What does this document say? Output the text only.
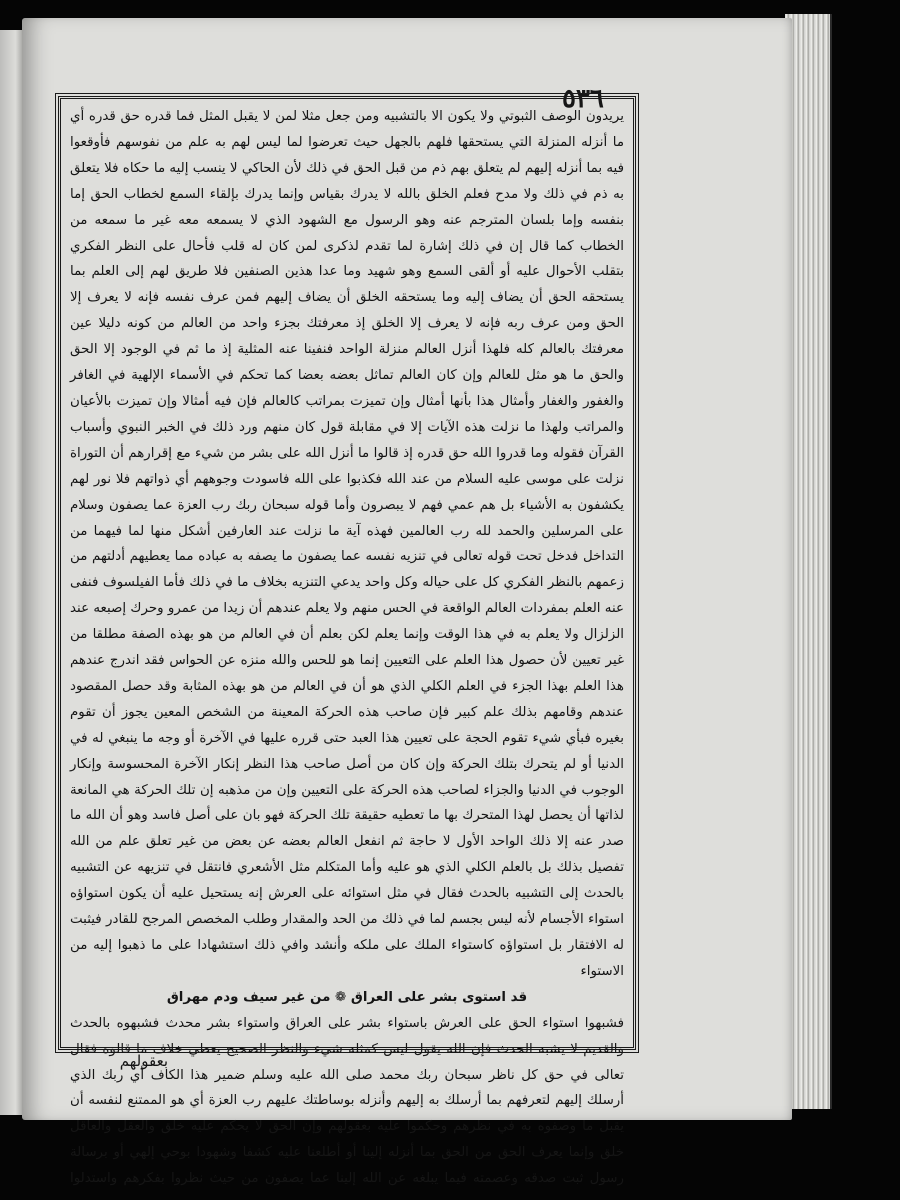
٥٣٦

يريدون الوصف الثبوتي ولا يكون الا بالتشبيه ومن جعل مثلا لمن لا يقبل المثل فما قدره حق قدره أي ما أنزله المنزلة التي يستحقها فلهم بالجهل حيث تعرضوا لما ليس لهم به علم من نفوسهم فأوقعوا فيه بما أنزله إليهم لم يتعلق بهم ذم من قبل الحق في ذلك لأن الحاكي لا ينسب إليه ما حكاه فلا يتعلق به ذم في ذلك ولا مدح فعلم الخلق بالله لا يدرك بقياس وإنما يدرك بإلقاء السمع لخطاب الحق إما بنفسه وإما بلسان المترجم عنه وهو الرسول مع الشهود الذي لا يسمعه معه غير ما سمعه من الخطاب كما قال إن في ذلك إشارة لما تقدم لذكرى لمن كان له قلب فأحال على النظر الفكري بتقلب الأحوال عليه أو ألقى السمع وهو شهيد وما عدا هذين الصنفين فلا طريق لهم إلى العلم بما يستحقه الحق أن يضاف إليه وما يستحقه الخلق أن يضاف إليهم فمن عرف نفسه فإنه لا يعرف إلا الحق ومن عرف ربه فإنه لا يعرف إلا الخلق إذ معرفتك بجزء واحد من العالم من كونه دليلا عين معرفتك بالعالم كله فلهذا أنزل العالم منزلة الواحد فنفينا عنه المثلية إذ ما ثم في الوجود إلا الحق والحق ما هو مثل للعالم وإن كان العالم تماثل بعضه بعضا كما تحكم في الأسماء الإلهية في الغافر والغفور والغفار وأمثال هذا بأنها أمثال وإن تميزت بمراتب كالعالم فإن فيه أمثالا وإن تميزت بالأعيان والمراتب ولهذا ما نزلت هذه الآيات إلا في مقابلة قول كان منهم ورد ذلك في الخبر النبوي وأسباب القرآن فقوله وما قدروا الله حق قدره إذ قالوا ما أنزل الله على بشر من شيء مع إقرارهم أن التوراة نزلت على موسى عليه السلام من عند الله فكذبوا على الله فاسودت وجوههم أي ذواتهم فلا نور لهم يكشفون به الأشياء بل هم عمي فهم لا يبصرون وأما قوله سبحان ربك رب العزة عما يصفون وسلام على المرسلين والحمد لله رب العالمين فهذه آية ما نزلت عند العارفين أشكل منها لما فيهما من التداخل فدخل تحت قوله تعالى في تنزيه نفسه عما يصفون ما يصفه به عباده مما يعطيهم أدلتهم من زعمهم بالنظر الفكري كل على حياله وكل واحد يدعي التنزيه بخلاف ما في ذلك فأما الفيلسوف فنفى عنه العلم بمفردات العالم الواقعة في الحس منهم ولا يعلم عندهم أن زيدا من عمرو وحرك إصبعه عند الزلزال ولا يعلم به في هذا الوقت وإنما يعلم لكن بعلم أن في العالم من هو بهذه الصفة مطلقا من غير تعيين لأن حصول هذا العلم على التعيين إنما هو للحس والله منزه عن الحواس فقد اندرج عندهم هذا العلم بهذا الجزء في العلم الكلي الذي هو أن في العالم من هو بهذه المثابة وقد حصل المقصود عندهم وقامهم بذلك علم كبير فإن صاحب هذه الحركة المعينة من الشخص المعين يجوز أن تقوم بغيره فبأي شيء تقوم الحجة على تعيين هذا العبد حتى قرره عليها في الآخرة أو وجه ما ينبغي له في الدنيا أو لم يتحرك بتلك الحركة وإن كان من أصل صاحب هذا النظر إنكار الآخرة المحسوسة وإنكار الوجوب في الدنيا والجزاء لصاحب هذه الحركة على التعيين وإن من مذهبه إن تلك الحركة هي المانعة لذاتها أن يحصل لهذا المتحرك بها ما تعطيه حقيقة تلك الحركة فهو بان على أصل فاسد وهو أن الله ما صدر عنه إلا ذلك الواحد الأول لا حاجة ثم انفعل العالم بعضه عن بعض من غير تعلق علم من الله تفصيل بذلك بل بالعلم الكلي الذي هو عليه وأما المتكلم مثل الأشعري فانتقل في تنزيهه عن التشبيه بالحدث إلى التشبيه بالحدث فقال في مثل استوائه على العرش إنه يستحيل عليه أن يكون استواؤه استواء الأجسام لأنه ليس بجسم لما في ذلك من الحد والمقدار وطلب المخصص المرجح للقادر فيثبت له الافتقار بل استواؤه كاستواء الملك على ملكه وأنشد وافي ذلك استشهادا على ما ذهبوا إليه من الاستواء

قد استوى بشر على العراق ❁ من غير سيف ودم مهراق

فشبهوا استواء الحق على العرش باستواء بشر على العراق واستواء بشر محدث فشبهوه بالحدث والقديم لا يشبه الحدث فإن الله يقول ليس كمثله شيء والنظر الصحيح يعطي خلاف ما قالوه فقال تعالى في حق كل ناظر سبحان ربك محمد صلى الله عليه وسلم ضمير هذا الكاف أي ربك الذي أرسلك إليهم لتعرفهم بما أرسلك به إليهم وأنزله بوساطتك عليهم رب العزة أي هو الممتنع لنفسه أن يقبل ما وصفوه به في نظرهم وحكموا عليه بعقولهم وإن الحق لا يحكم عليه خلق والعقل والعاقل خلق وإنما يعرف الحق من الحق بما أنزله إلينا أو أطلعنا عليه كشفا وشهودا بوحي إلهي أو برسالة رسول ثبت صدقه وعصمته فيما يبلغه عن الله إلينا عما يصفون من حيث نظروا بفكرهم واستدلوا

بعقولهم
